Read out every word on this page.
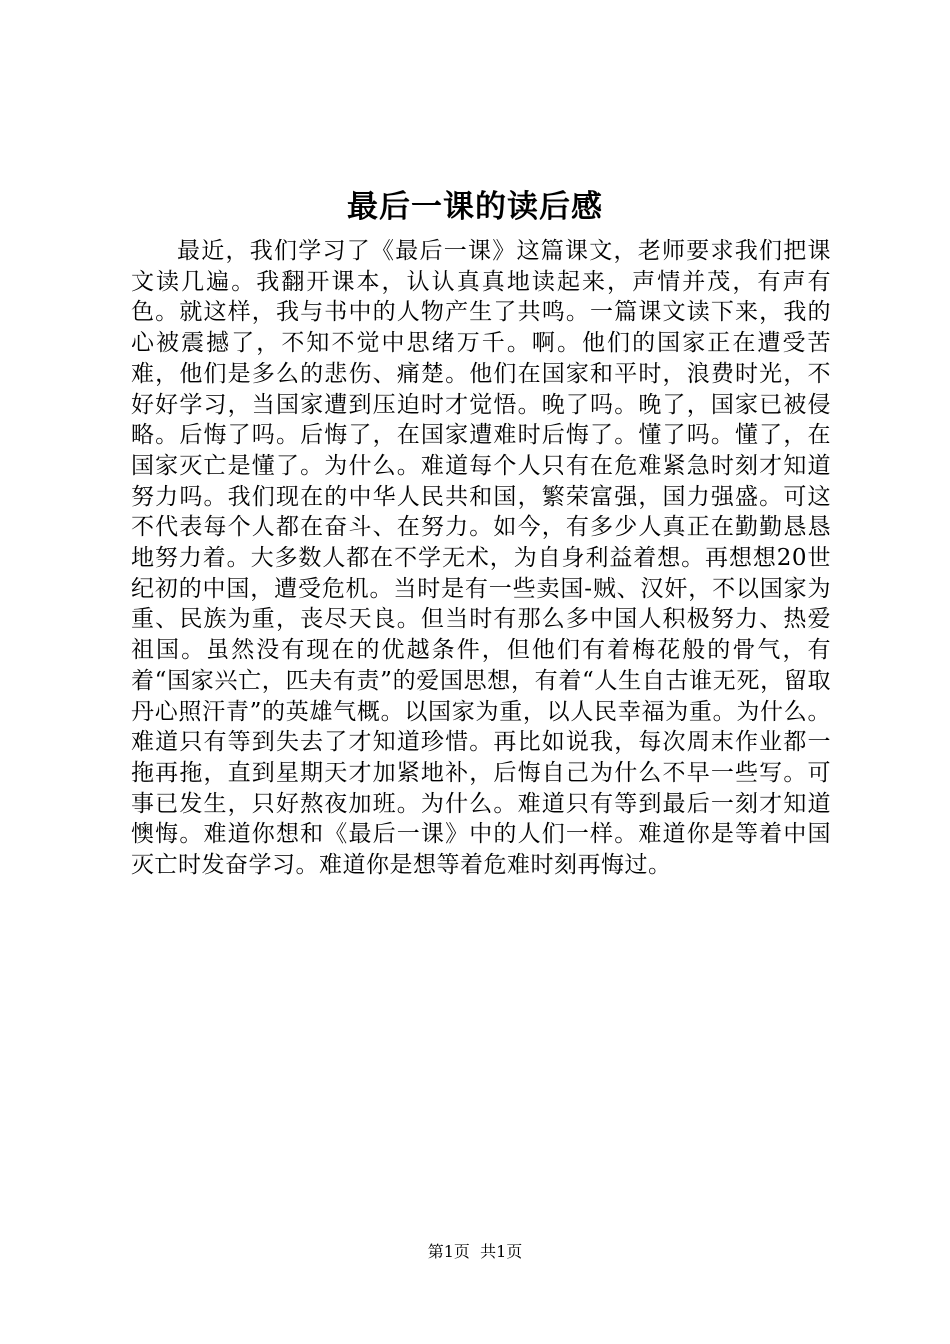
最后一课的读后感

最近，我们学习了《最后一课》这篇课文，老师要求我们把课文读几遍。我翻开课本，认认真真地读起来，声情并茂，有声有色。就这样，我与书中的人物产生了共鸣。一篇课文读下来，我的心被震撼了，不知不觉中思绪万千。啊。他们的国家正在遭受苦难，他们是多么的悲伤、痛楚。他们在国家和平时，浪费时光，不好好学习，当国家遭到压迫时才觉悟。晚了吗。晚了，国家已被侵略。后悔了吗。后悔了，在国家遭难时后悔了。懂了吗。懂了，在国家灭亡是懂了。为什么。难道每个人只有在危难紧急时刻才知道努力吗。我们现在的中华人民共和国，繁荣富强，国力强盛。可这不代表每个人都在奋斗、在努力。如今，有多少人真正在勤勤恳恳地努力着。大多数人都在不学无术，为自身利益着想。再想想20世纪初的中国，遭受危机。当时是有一些卖国-贼、汉奸，不以国家为重、民族为重，丧尽天良。但当时有那么多中国人积极努力、热爱祖国。虽然没有现在的优越条件，但他们有着梅花般的骨气，有着“国家兴亡，匹夫有责”的爱国思想，有着“人生自古谁无死，留取丹心照汗青”的英雄气概。以国家为重，以人民幸福为重。为什么。难道只有等到失去了才知道珍惜。再比如说我，每次周末作业都一拖再拖，直到星期天才加紧地补，后悔自己为什么不早一些写。可事已发生，只好熬夜加班。为什么。难道只有等到最后一刻才知道懊悔。难道你想和《最后一课》中的人们一样。难道你是等着中国灭亡时发奋学习。难道你是想等着危难时刻再悔过。

第1页  共1页
